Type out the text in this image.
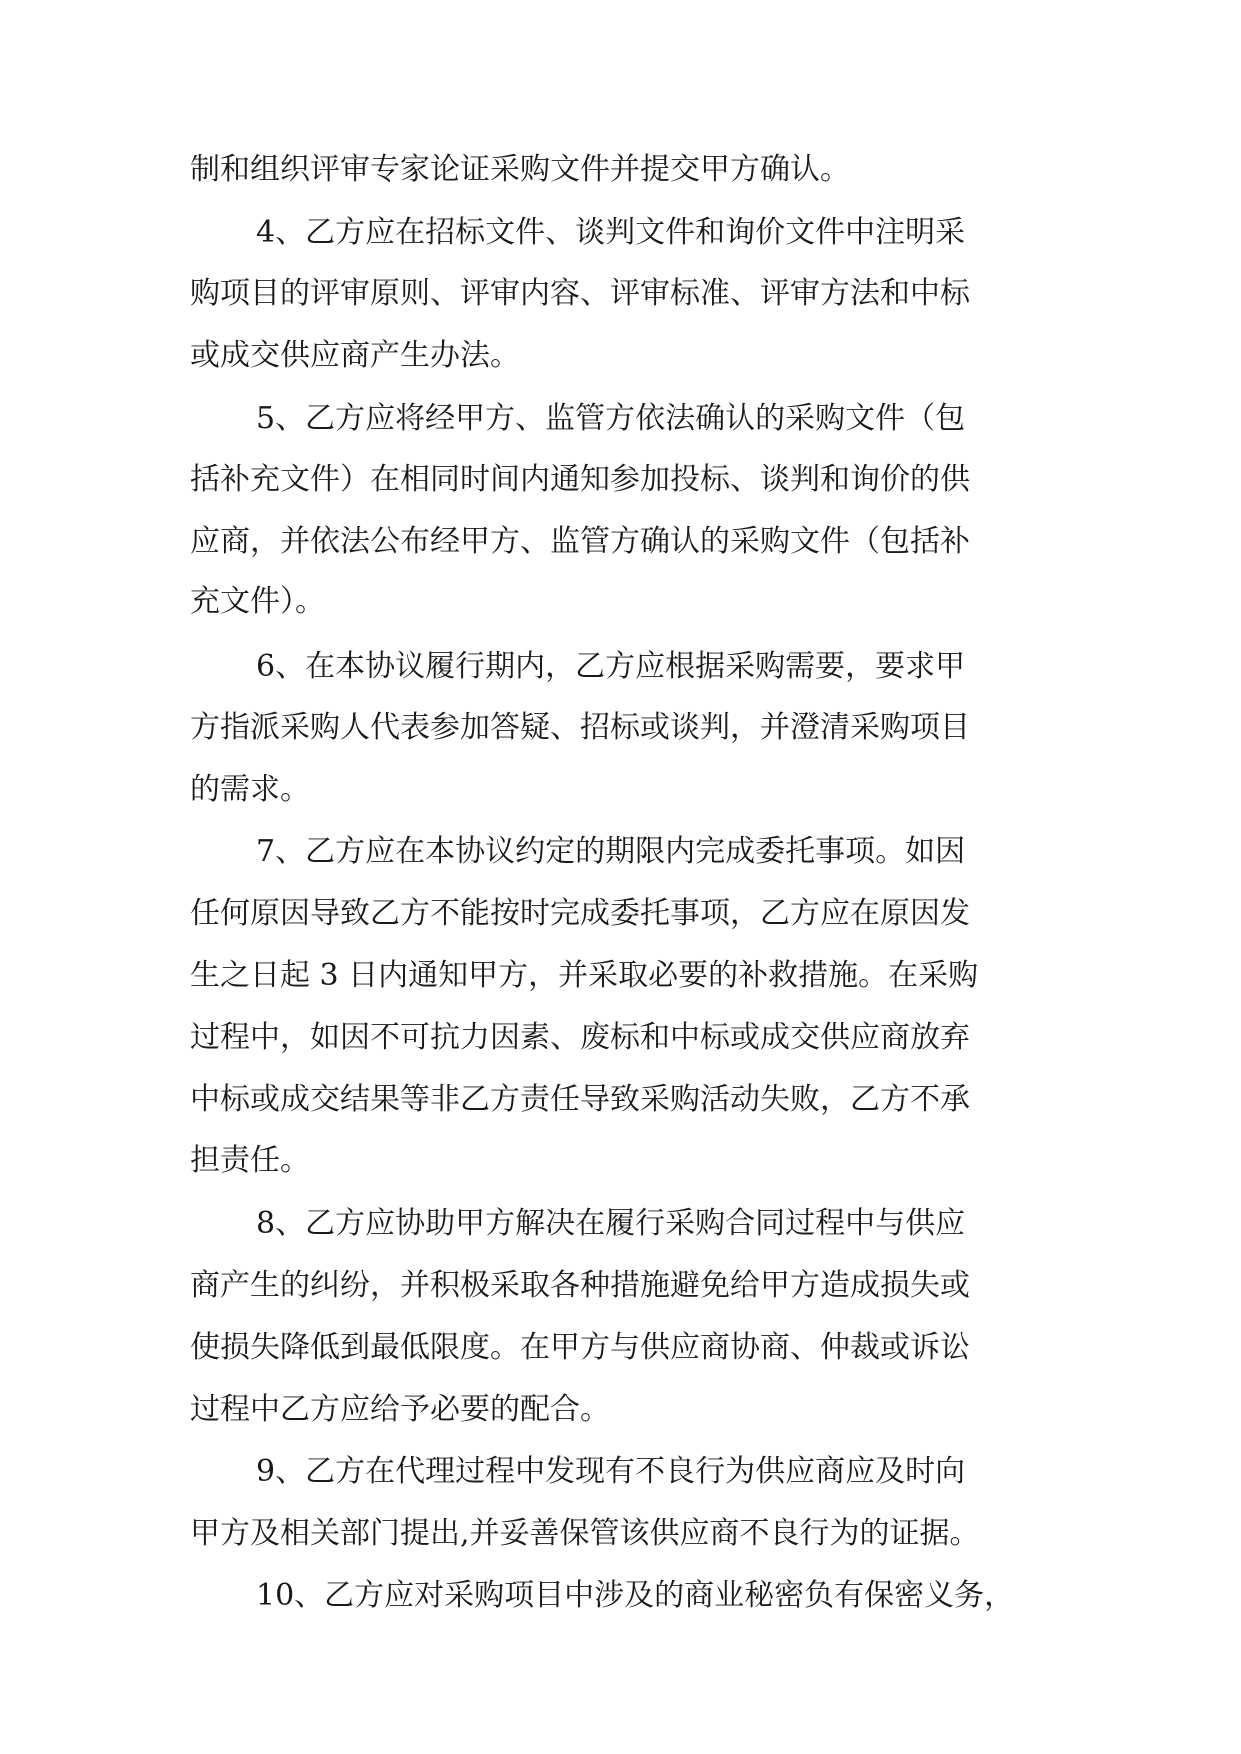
制和组织评审专家论证采购文件并提交甲方确认。
4、乙方应在招标文件、谈判文件和询价文件中注明采
购项目的评审原则、评审内容、评审标准、评审方法和中标
或成交供应商产生办法。
5、乙方应将经甲方、监管方依法确认的采购文件（包
括补充文件）在相同时间内通知参加投标、谈判和询价的供
应商，并依法公布经甲方、监管方确认的采购文件（包括补
充文件）。
6、在本协议履行期内，乙方应根据采购需要，要求甲
方指派采购人代表参加答疑、招标或谈判，并澄清采购项目
的需求。
7、乙方应在本协议约定的期限内完成委托事项。如因
任何原因导致乙方不能按时完成委托事项，乙方应在原因发
生之日起 3 日内通知甲方，并采取必要的补救措施。在采购
过程中，如因不可抗力因素、废标和中标或成交供应商放弃
中标或成交结果等非乙方责任导致采购活动失败，乙方不承
担责任。
8、乙方应协助甲方解决在履行采购合同过程中与供应
商产生的纠纷，并积极采取各种措施避免给甲方造成损失或
使损失降低到最低限度。在甲方与供应商协商、仲裁或诉讼
过程中乙方应给予必要的配合。
9、乙方在代理过程中发现有不良行为供应商应及时向
甲方及相关部门提出,并妥善保管该供应商不良行为的证据。
10、乙方应对采购项目中涉及的商业秘密负有保密义务，
